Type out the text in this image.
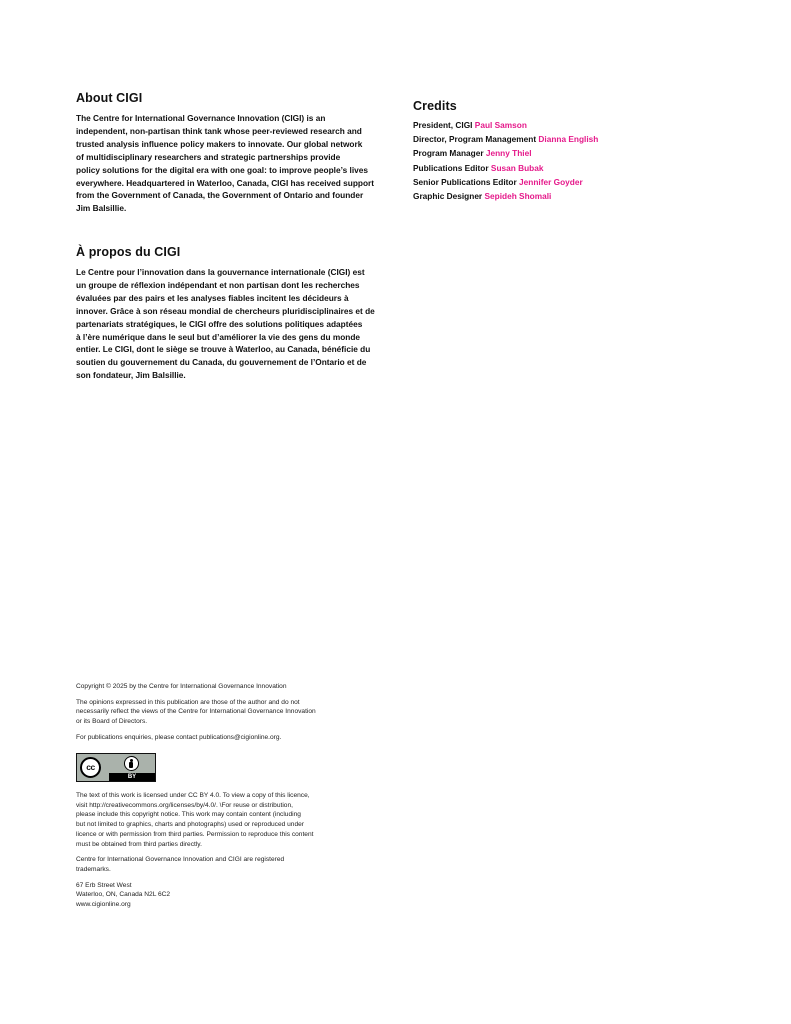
About CIGI

The Centre for International Governance Innovation (CIGI) is an
independent, non-partisan think tank whose peer-reviewed research and
trusted analysis influence policy makers to innovate. Our global network
of multidisciplinary researchers and strategic partnerships provide
policy solutions for the digital era with one goal: to improve people’s lives
everywhere. Headquartered in Waterloo, Canada, CIGI has received support
from the Government of Canada, the Government of Ontario and founder
Jim Balsillie.

À propos du CIGI

Le Centre pour l’innovation dans la gouvernance internationale (CIGI) est
un groupe de réflexion indépendant et non partisan dont les recherches
évaluées par des pairs et les analyses fiables incitent les décideurs à
innover. Grâce à son réseau mondial de chercheurs pluridisciplinaires et de
partenariats stratégiques, le CIGI offre des solutions politiques adaptées
à l’ère numérique dans le seul but d’améliorer la vie des gens du monde
entier. Le CIGI, dont le siège se trouve à Waterloo, au Canada, bénéficie du
soutien du gouvernement du Canada, du gouvernement de l’Ontario et de
son fondateur, Jim Balsillie.

Credits
President, CIGI Paul Samson
Director, Program Management Dianna English
Program Manager Jenny Thiel
Publications Editor Susan Bubak
Senior Publications Editor Jennifer Goyder
Graphic Designer Sepideh Shomali

Copyright © 2025 by the Centre for International Governance Innovation

The opinions expressed in this publication are those of the author and do not
necessarily reflect the views of the Centre for International Governance Innovation
or its Board of Directors.

For publications enquiries, please contact publications@cigionline.org.

BY
cc

The text of this work is licensed under CC BY 4.0. To view a copy of this licence,
visit http://creativecommons.org/licenses/by/4.0/. \For reuse or distribution,
please include this copyright notice. This work may contain content (including
but not limited to graphics, charts and photographs) used or reproduced under
licence or with permission from third parties. Permission to reproduce this content
must be obtained from third parties directly.

Centre for International Governance Innovation and CIGI are registered
trademarks.

67 Erb Street West
Waterloo, ON, Canada N2L 6C2
www.cigionline.org
